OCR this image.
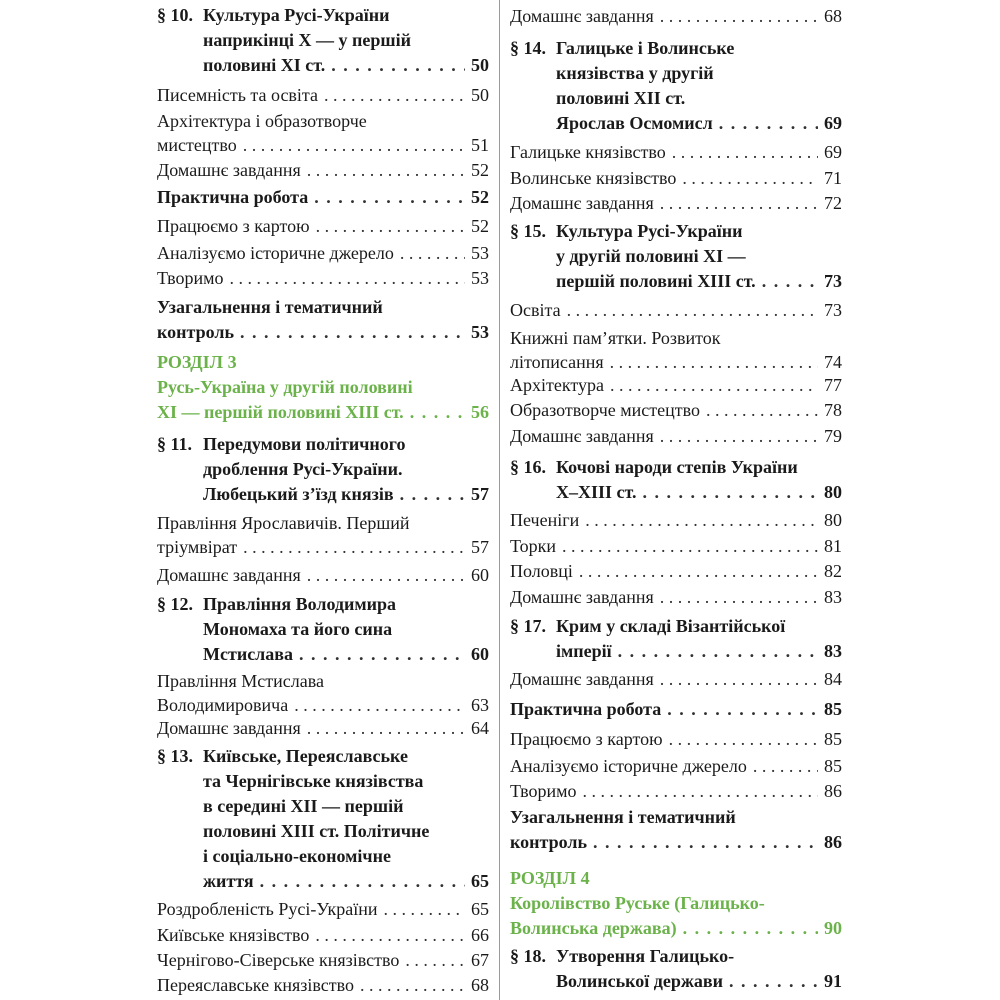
§ 10. Культура Русі-України
наприкінці X — у першій
половині XI ст. . . .	50
Писемність та освіта . . .	50
Архітектура і образотворче
мистецтво . . .	51
Домашнє завдання . . .	52
Практична робота . . .	52
Працюємо з картою . . .	52
Аналізуємо історичне джерело . . .	53
Творимо . . .	53
Узагальнення і тематичний
контроль . . .	53
РОЗДІЛ 3
Русь-Україна у другій половині
XI — першій половині XIII ст. . . .	56
§ 11. Передумови політичного
дроблення Русі-України.
Любецький з’їзд князів . . .	57
Правління Ярославичів. Перший
тріумвірат . . .	57
Домашнє завдання . . .	60
§ 12. Правління Володимира
Мономаха та його сина
Мстислава . . .	60
Правління Мстислава
Володимировича . . .	63
Домашнє завдання . . .	64
§ 13. Київське, Переяславське
та Чернігівське князівства
в середині XII — першій
половині XIII ст. Політичне
і соціально-економічне
життя . . .	65
Роздробленість Русі-України . . .	65
Київське князівство . . .	66
Чернігово-Сіверське князівство . . .	67
Переяславське князівство . . .	68
Домашнє завдання . . .	68
§ 14. Галицьке і Волинське
князівства у другій
половині XII ст.
Ярослав Осмомисл . . .	69
Галицьке князівство . . .	69
Волинське князівство . . .	71
Домашнє завдання . . .	72
§ 15. Культура Русі-України
у другій половині XI —
першій половині XIII ст. . . .	73
Освіта . . .	73
Книжні пам’ятки. Розвиток
літописання . . .	74
Архітектура . . .	77
Образотворче мистецтво . . .	78
Домашнє завдання . . .	79
§ 16. Кочові народи степів України
X–XIII ст. . . .	80
Печеніги . . .	80
Торки . . .	81
Половці . . .	82
Домашнє завдання . . .	83
§ 17. Крим у складі Візантійської
імперії . . .	83
Домашнє завдання . . .	84
Практична робота . . .	85
Працюємо з картою . . .	85
Аналізуємо історичне джерело . . .	85
Творимо . . .	86
Узагальнення і тематичний
контроль . . .	86
РОЗДІЛ 4
Королівство Руське (Галицько-
Волинська держава) . . .	90
§ 18. Утворення Галицько-
Волинської держави . . .	91
